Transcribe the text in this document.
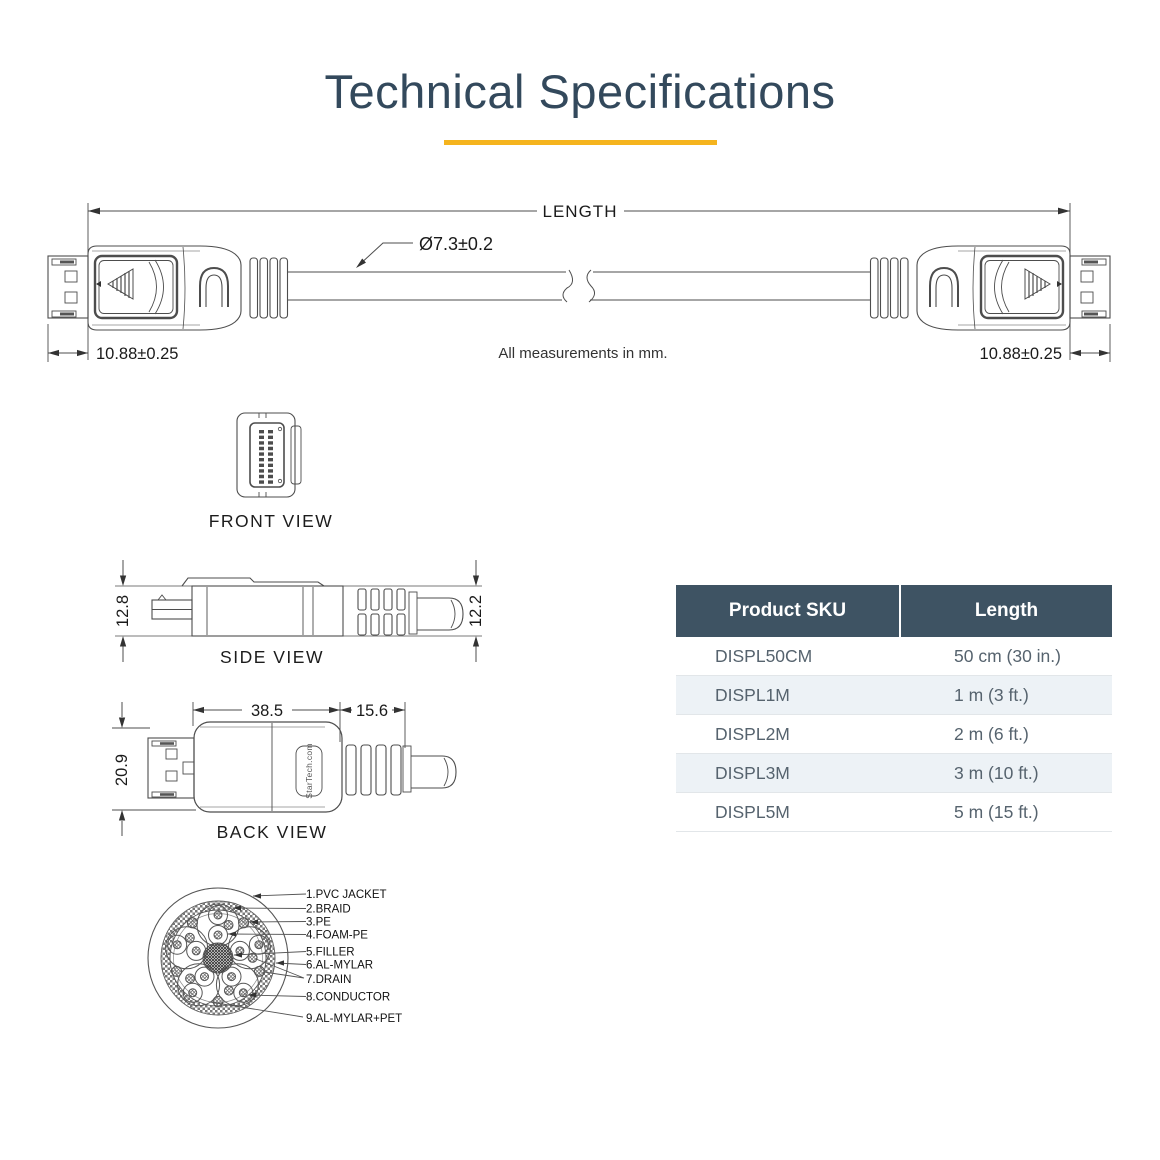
Technical Specifications
LENGTH
Ø7.3±0.2
10.88±0.25	10.88±0.25
All measurements in mm.
FRONT VIEW
12.8	12.2
SIDE VIEW
38.5	15.6
20.9	StarTech.com
BACK VIEW
1.PVC JACKET
2.BRAID
3.PE
4.FOAM-PE
5.FILLER
6.AL-MYLAR
7.DRAIN
8.CONDUCTOR
9.AL-MYLAR+PET
Product SKU	Length
DISPL50CM	50 cm (30 in.)
DISPL1M	1 m (3 ft.)
DISPL2M	2 m (6 ft.)
DISPL3M	3 m (10 ft.)
DISPL5M	5 m (15 ft.)
